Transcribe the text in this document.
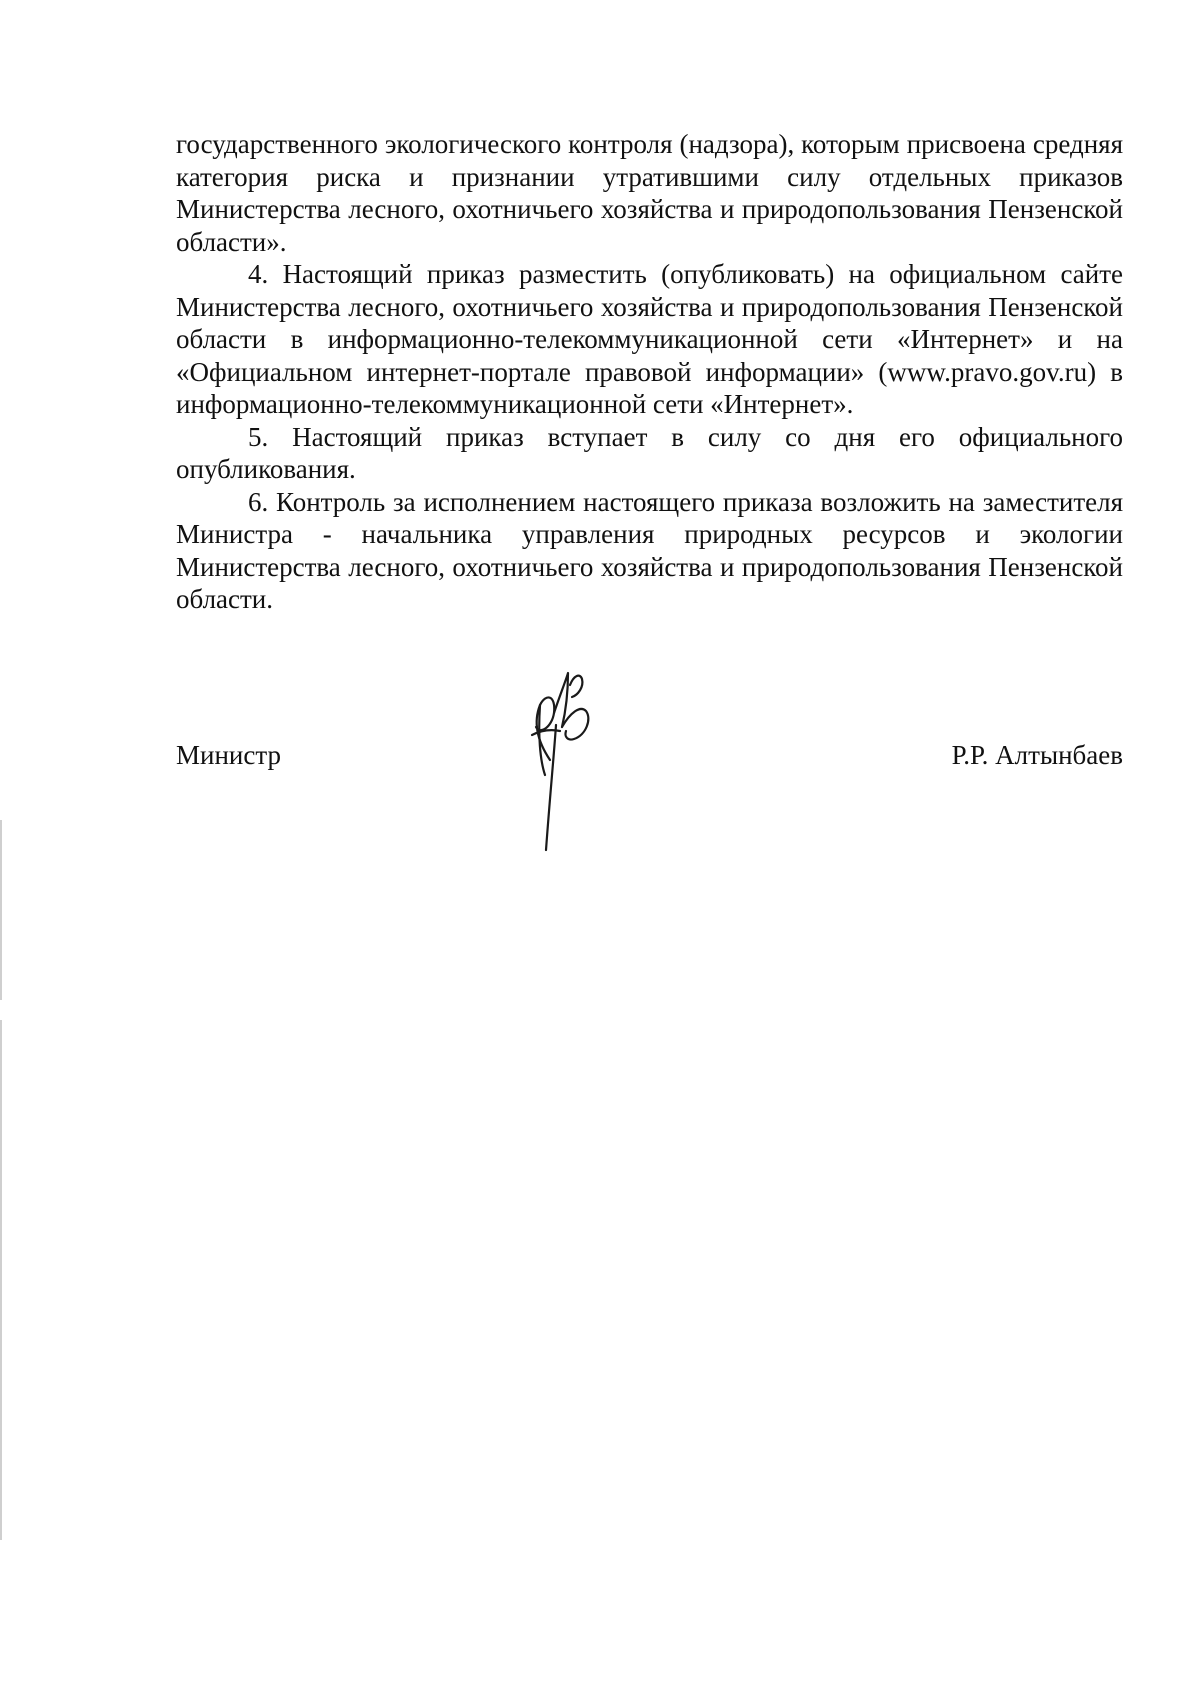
государственного экологического контроля (надзора), которым присвоена средняя категория риска и признании утратившими силу отдельных приказов Министерства лесного, охотничьего хозяйства и природопользования Пензенской области».

4. Настоящий приказ разместить (опубликовать) на официальном сайте Министерства лесного, охотничьего хозяйства и природопользования Пензенской области в информационно-телекоммуникационной сети «Интернет» и на «Официальном интернет-портале правовой информации» (www.pravo.gov.ru) в информационно-телекоммуникационной сети «Интернет».

5. Настоящий приказ вступает в силу со дня его официального опубликования.

6. Контроль за исполнением настоящего приказа возложить на заместителя Министра - начальника управления природных ресурсов и экологии Министерства лесного, охотничьего хозяйства и природопользования Пензенской области.

Министр	Р.Р. Алтынбаев
